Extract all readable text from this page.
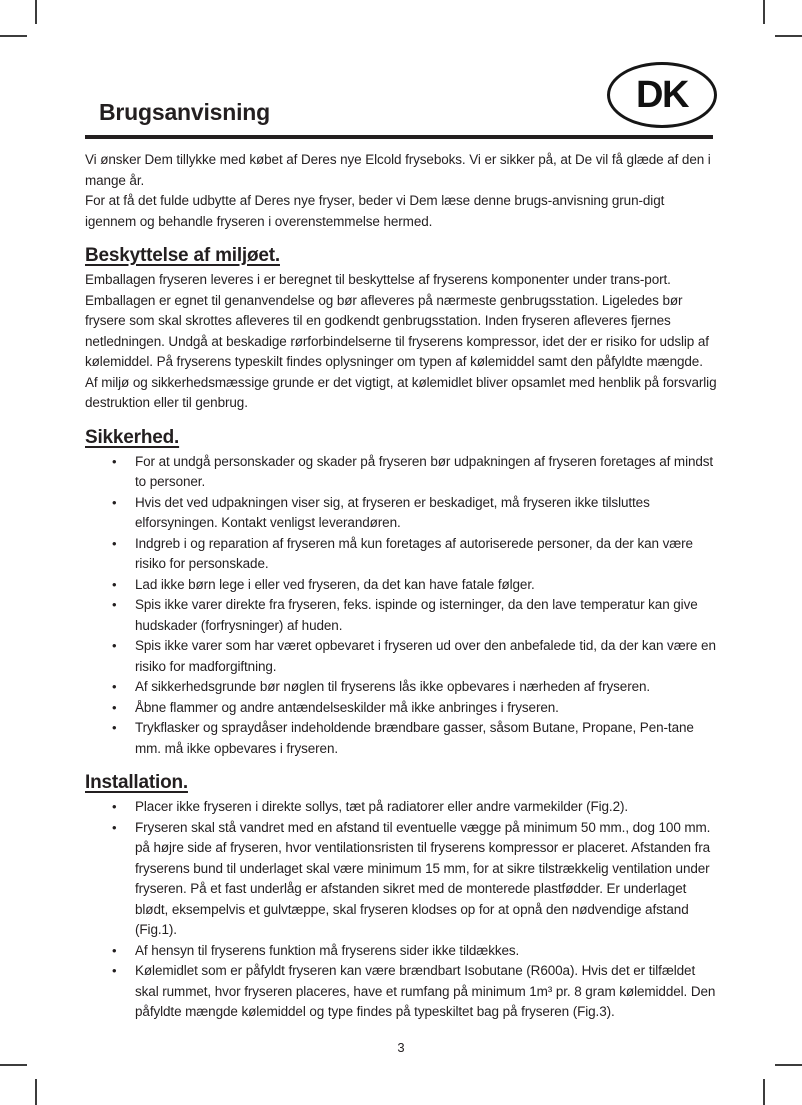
Brugsanvisning	DK

Vi ønsker Dem tillykke med købet af Deres nye Elcold fryseboks. Vi er sikker på, at De vil få glæde af den i mange år.

For at få det fulde udbytte af Deres nye fryser, beder vi Dem læse denne brugs-anvisning grun-digt igennem og behandle fryseren i overenstemmelse hermed.

Beskyttelse af miljøet.

Emballagen fryseren leveres i er beregnet til beskyttelse af fryserens komponenter under trans-port. Emballagen er egnet til genanvendelse og bør afleveres på nærmeste genbrugsstation. Ligeledes bør frysere som skal skrottes afleveres til en godkendt genbrugsstation. Inden fryseren afleveres fjernes netledningen. Undgå at beskadige rørforbindelserne til fryserens kompressor, idet der er risiko for udslip af kølemiddel. På fryserens typeskilt findes oplysninger om typen af kølemiddel samt den påfyldte mængde. Af miljø og sikkerhedsmæssige grunde er det vigtigt, at kølemidlet bliver opsamlet med henblik på forsvarlig destruktion eller til genbrug.

Sikkerhed.
• For at undgå personskader og skader på fryseren bør udpakningen af fryseren foretages af mindst to personer.
• Hvis det ved udpakningen viser sig, at fryseren er beskadiget, må fryseren ikke tilsluttes elforsyningen. Kontakt venligst leverandøren.
• Indgreb i og reparation af fryseren må kun foretages af autoriserede personer, da der kan være risiko for personskade.
• Lad ikke børn lege i eller ved fryseren, da det kan have fatale følger.
• Spis ikke varer direkte fra fryseren, feks. ispinde og isterninger, da den lave temperatur kan give hudskader (forfrysninger) af huden.
• Spis ikke varer som har været opbevaret i fryseren ud over den anbefalede tid, da der kan være en risiko for madforgiftning.
• Af sikkerhedsgrunde bør nøglen til fryserens lås ikke opbevares i nærheden af fryseren.
• Åbne flammer og andre antændelseskilder må ikke anbringes i fryseren.
• Trykflasker og spraydåser indeholdende brændbare gasser, såsom Butane, Propane, Pen-tane mm. må ikke opbevares i fryseren.
Installation.
• Placer ikke fryseren i direkte sollys, tæt på radiatorer eller andre varmekilder (Fig.2).
• Fryseren skal stå vandret med en afstand til eventuelle vægge på minimum 50 mm., dog 100 mm. på højre side af fryseren, hvor ventilationsristen til fryserens kompressor er placeret. Afstanden fra fryserens bund til underlaget skal være minimum 15 mm, for at sikre tilstrækkelig ventilation under fryseren. På et fast underlåg er afstanden sikret med de monterede plastfødder. Er underlaget blødt, eksempelvis et gulvtæppe, skal fryseren klodses op for at opnå den nødvendige afstand (Fig.1).
• Af hensyn til fryserens funktion må fryserens sider ikke tildækkes.
• Kølemidlet som er påfyldt fryseren kan være brændbart Isobutane (R600a). Hvis det er tilfældet skal rummet, hvor fryseren placeres, have et rumfang på minimum 1m³ pr. 8 gram kølemiddel. Den påfyldte mængde kølemiddel og type findes på typeskiltet bag på fryseren (Fig.3).
3
